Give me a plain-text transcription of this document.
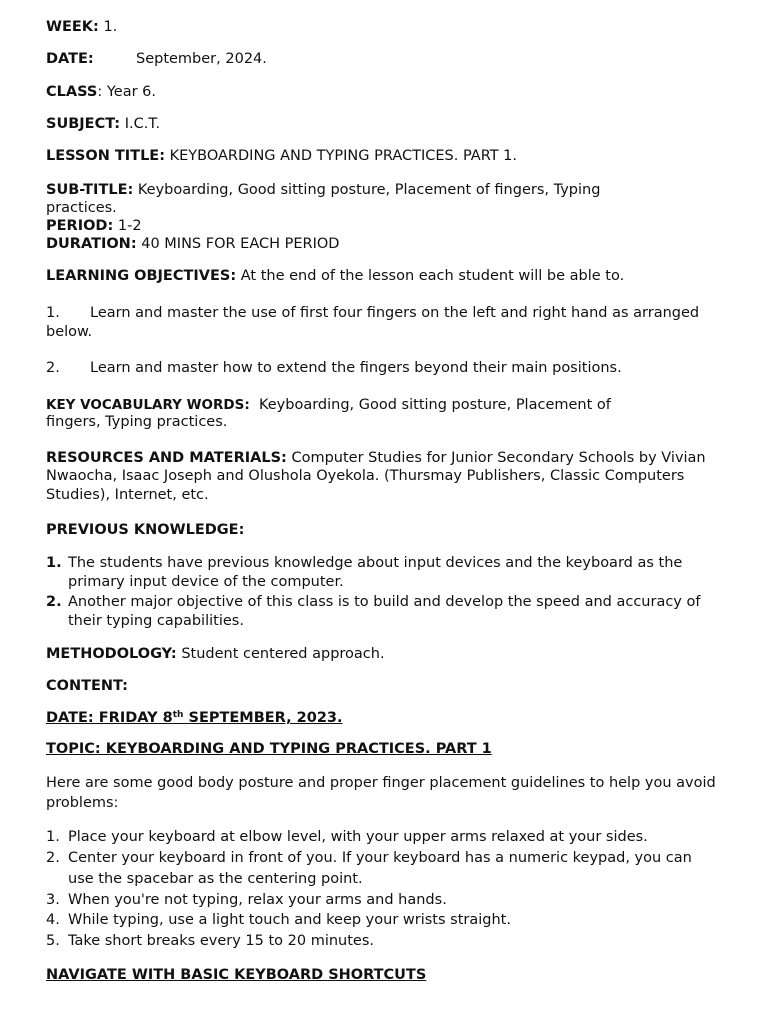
WEEK: 1.
DATE:	September, 2024.
CLASS: Year 6.
SUBJECT: I.C.T.
LESSON TITLE: KEYBOARDING AND TYPING PRACTICES. PART 1.
SUB-TITLE: Keyboarding, Good sitting posture, Placement of fingers, Typing
practices.
PERIOD: 1-2
DURATION: 40 MINS FOR EACH PERIOD
LEARNING OBJECTIVES: At the end of the lesson each student will be able to.
1. Learn and master the use of first four fingers on the left and right hand as arranged
below.
2. Learn and master how to extend the fingers beyond their main positions.
KEY VOCABULARY WORDS: Keyboarding, Good sitting posture, Placement of
fingers, Typing practices.
RESOURCES AND MATERIALS: Computer Studies for Junior Secondary Schools by Vivian
Nwaocha, Isaac Joseph and Olushola Oyekola. (Thursmay Publishers, Classic Computers
Studies), Internet, etc.
PREVIOUS KNOWLEDGE:
1. The students have previous knowledge about input devices and the keyboard as the
primary input device of the computer.
2. Another major objective of this class is to build and develop the speed and accuracy of
their typing capabilities.
METHODOLOGY: Student centered approach.
CONTENT:
DATE: FRIDAY 8th SEPTEMBER, 2023.
TOPIC: KEYBOARDING AND TYPING PRACTICES. PART 1
Here are some good body posture and proper finger placement guidelines to help you avoid
problems:
1. Place your keyboard at elbow level, with your upper arms relaxed at your sides.
2. Center your keyboard in front of you. If your keyboard has a numeric keypad, you can
use the spacebar as the centering point.
3. When you're not typing, relax your arms and hands.
4. While typing, use a light touch and keep your wrists straight.
5. Take short breaks every 15 to 20 minutes.
NAVIGATE WITH BASIC KEYBOARD SHORTCUTS
